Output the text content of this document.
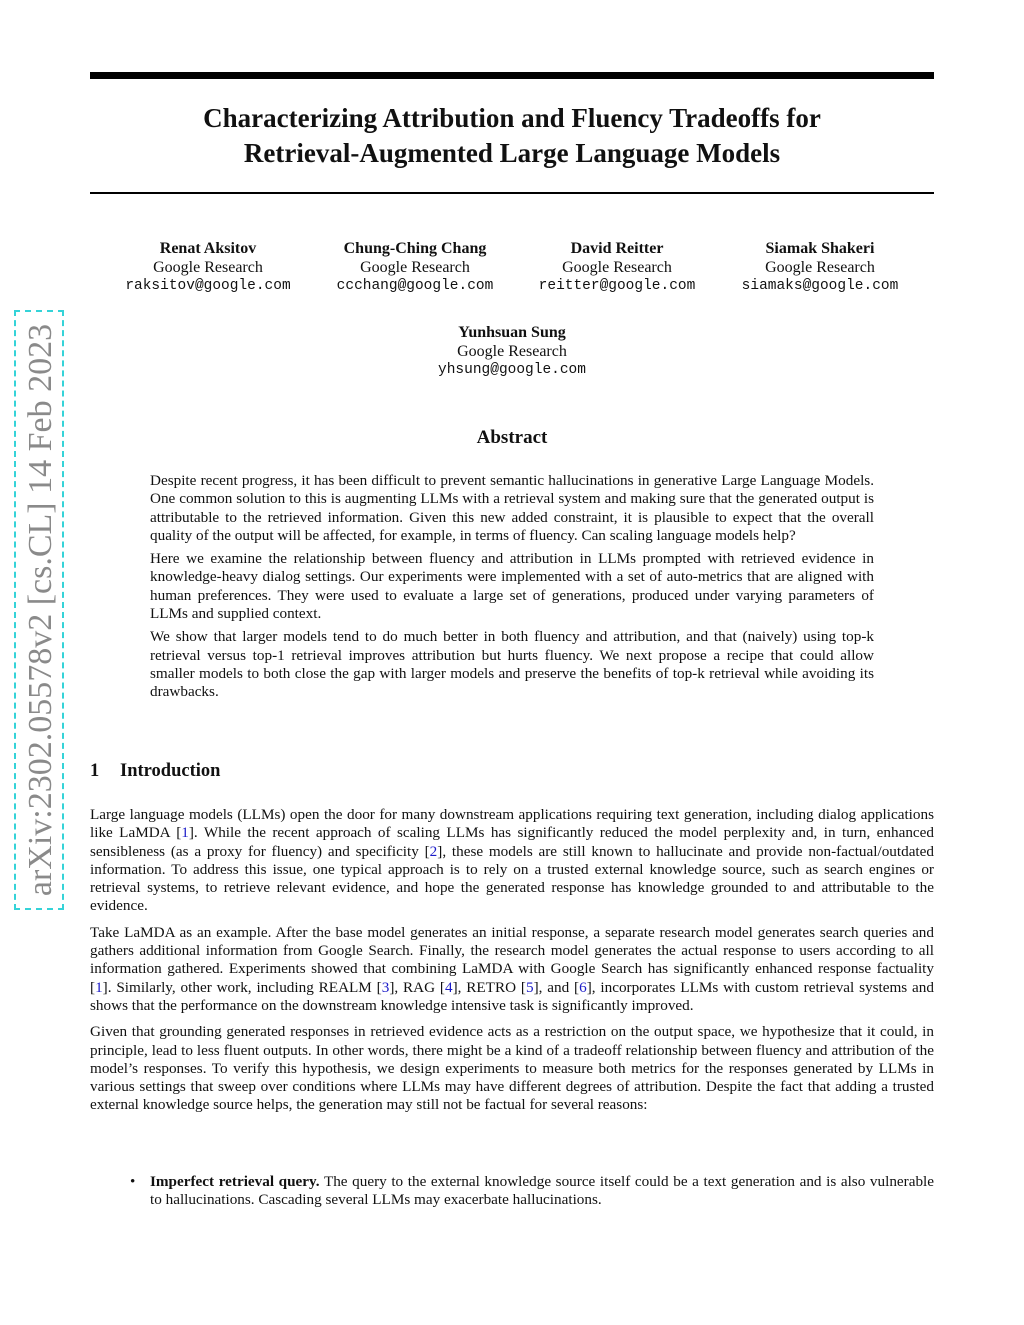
Characterizing Attribution and Fluency Tradeoffs for
Retrieval-Augmented Large Language Models
Renat Aksitov
Google Research
raksitov@google.com
Chung-Ching Chang
Google Research
ccchang@google.com
David Reitter
Google Research
reitter@google.com
Siamak Shakeri
Google Research
siamaks@google.com
Yunhsuan Sung
Google Research
yhsung@google.com
Abstract

Despite recent progress, it has been difficult to prevent semantic hallucinations in generative Large Language Models. One common solution to this is augmenting LLMs with a retrieval system and making sure that the generated output is attributable to the retrieved information. Given this new added constraint, it is plausible to expect that the overall quality of the output will be affected, for example, in terms of fluency. Can scaling language models help?

Here we examine the relationship between fluency and attribution in LLMs prompted with retrieved evidence in knowledge-heavy dialog settings. Our experiments were implemented with a set of auto-metrics that are aligned with human preferences. They were used to evaluate a large set of generations, produced under varying parameters of LLMs and supplied context.

We show that larger models tend to do much better in both fluency and attribution, and that (naively) using top-k retrieval versus top-1 retrieval improves attribution but hurts fluency. We next propose a recipe that could allow smaller models to both close the gap with larger models and preserve the benefits of top-k retrieval while avoiding its drawbacks.

1 Introduction

Large language models (LLMs) open the door for many downstream applications requiring text generation, including dialog applications like LaMDA [1]. While the recent approach of scaling LLMs has significantly reduced the model perplexity and, in turn, enhanced sensibleness (as a proxy for fluency) and specificity [2], these models are still known to hallucinate and provide non-factual/outdated information. To address this issue, one typical approach is to rely on a trusted external knowledge source, such as search engines or retrieval systems, to retrieve relevant evidence, and hope the generated response has knowledge grounded to and attributable to the evidence.

Take LaMDA as an example. After the base model generates an initial response, a separate research model generates search queries and gathers additional information from Google Search. Finally, the research model generates the actual response to users according to all information gathered. Experiments showed that combining LaMDA with Google Search has significantly enhanced response factuality [1]. Similarly, other work, including REALM [3], RAG [4], RETRO [5], and [6], incorporates LLMs with custom retrieval systems and shows that the performance on the downstream knowledge intensive task is significantly improved.

Given that grounding generated responses in retrieved evidence acts as a restriction on the output space, we hypothesize that it could, in principle, lead to less fluent outputs. In other words, there might be a kind of a tradeoff relationship between fluency and attribution of the model’s responses. To verify this hypothesis, we design experiments to measure both metrics for the responses generated by LLMs in various settings that sweep over conditions where LLMs may have different degrees of attribution. Despite the fact that adding a trusted external knowledge source helps, the generation may still not be factual for several reasons:

• Imperfect retrieval query. The query to the external knowledge source itself could be a text generation and is also vulnerable to hallucinations. Cascading several LLMs may exacerbate hallucinations.
arXiv:2302.05578v2 [cs.CL] 14 Feb 2023
